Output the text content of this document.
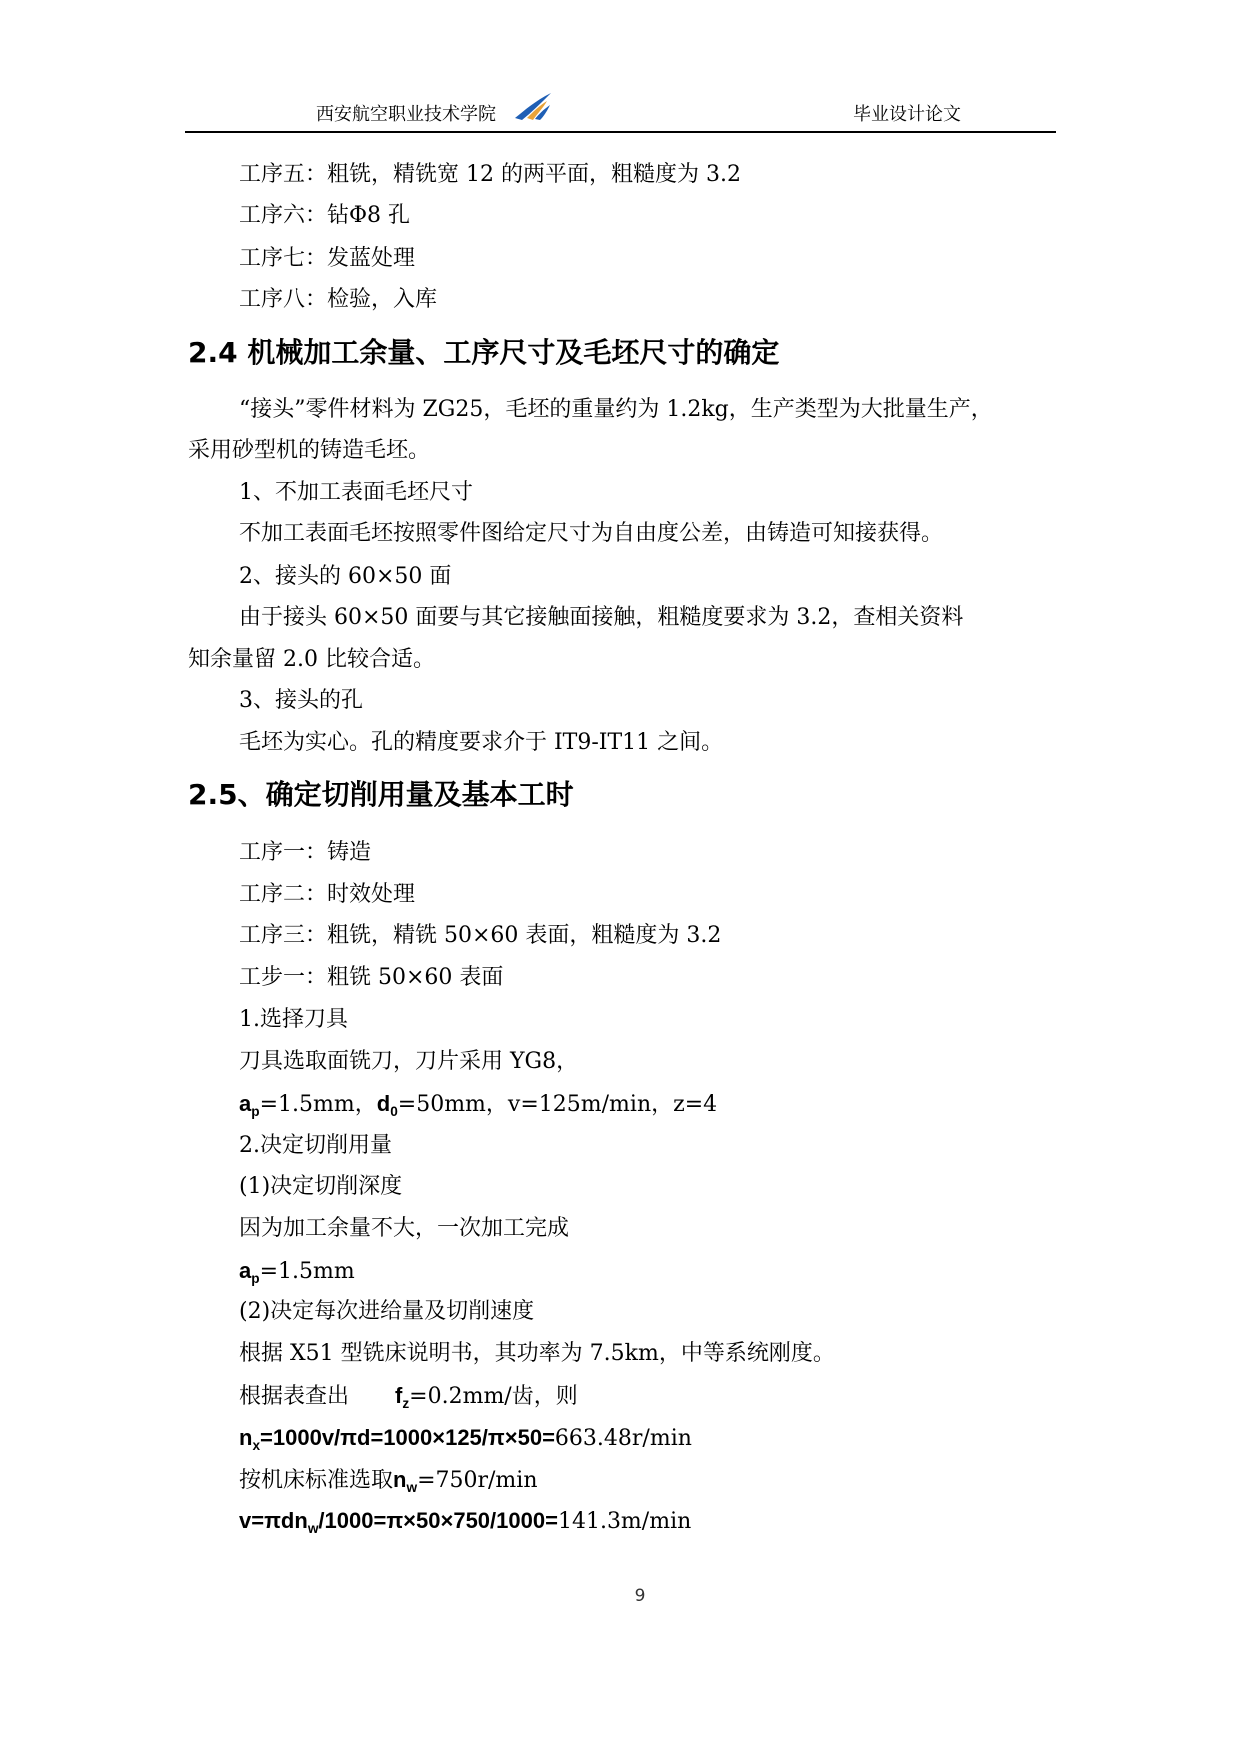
西安航空职业技术学院	毕业设计论文
工序五：粗铣，精铣宽 12 的两平面，粗糙度为 3.2
工序六：钻Φ8 孔
工序七：发蓝处理
工序八：检验，入库
2.4 机械加工余量、工序尺寸及毛坯尺寸的确定
“接头”零件材料为 ZG25，毛坯的重量约为 1.2kg，生产类型为大批量生产，
采用砂型机的铸造毛坯。
1、不加工表面毛坯尺寸
不加工表面毛坯按照零件图给定尺寸为自由度公差，由铸造可知接获得。
2、接头的 60×50 面
由于接头 60×50 面要与其它接触面接触，粗糙度要求为 3.2，查相关资料
知余量留 2.0 比较合适。
3、接头的孔
毛坯为实心。孔的精度要求介于 IT9-IT11 之间。
2.5、确定切削用量及基本工时
工序一：铸造
工序二：时效处理
工序三：粗铣，精铣 50×60 表面，粗糙度为 3.2
工步一：粗铣 50×60 表面
1.选择刀具
刀具选取面铣刀，刀片采用 YG8，
$a_p=1.5mm$，$d_0=50mm$，v=125m/min，z=4
2.决定切削用量
(1)决定切削深度
因为加工余量不大，一次加工完成
$a_p=1.5mm$
(2)决定每次进给量及切削速度
根据 X51 型铣床说明书，其功率为 7.5km，中等系统刚度。
根据表查出 $f_z=0.2mm/$齿，则
$n_x=1000v/\pi d=1000\times 125/\pi\times 50=663.48r/\min$
按机床标准选取$n_w=750r/\min$
v=πdn$_w$/1000=π×50×750/1000=141.3m/min
9
